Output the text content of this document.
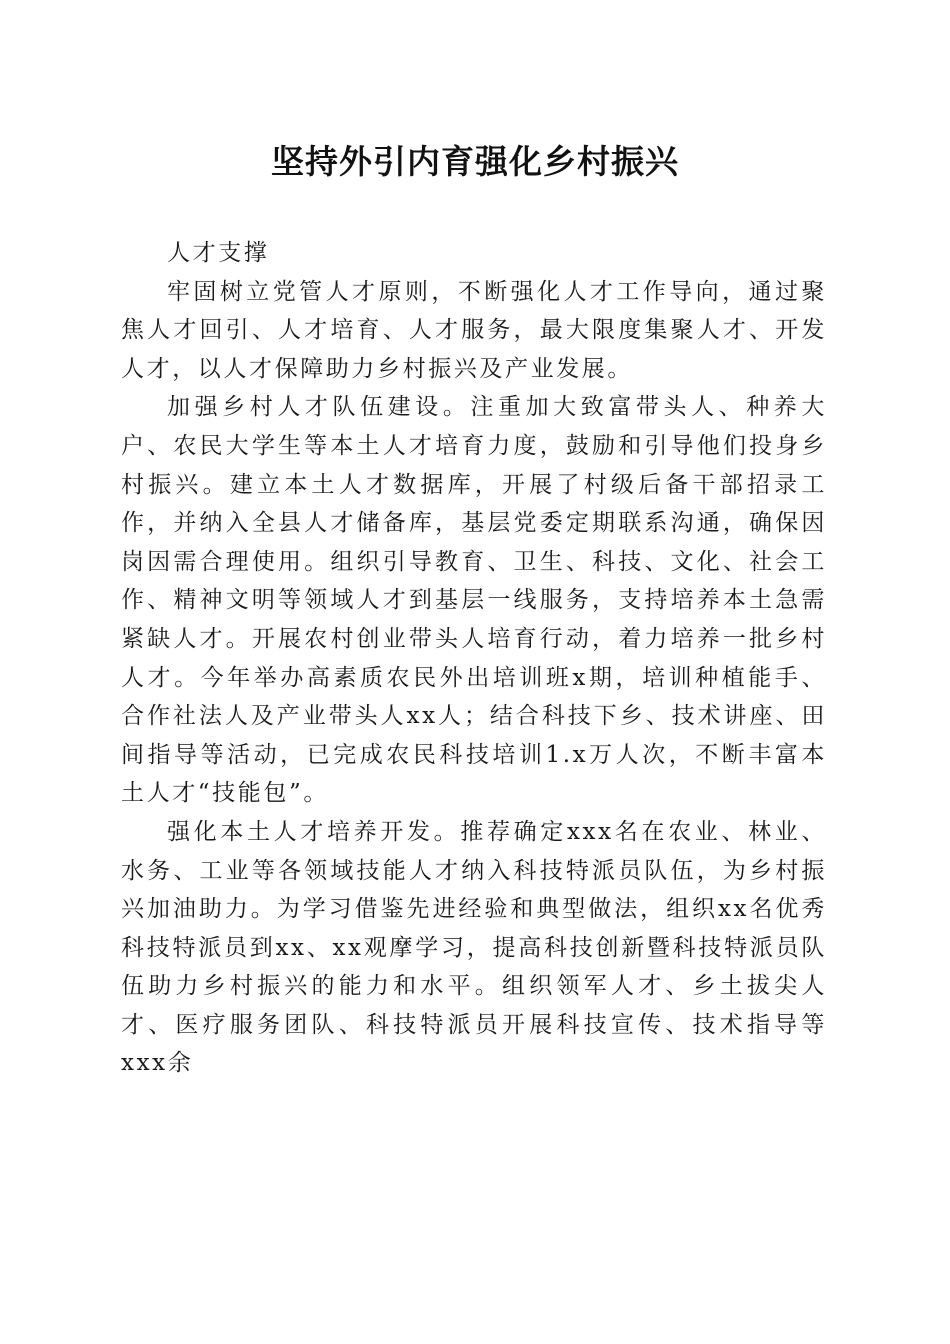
坚持外引内育强化乡村振兴

人才支撑

牢固树立党管人才原则，不断强化人才工作导向，通过聚焦人才回引、人才培育、人才服务，最大限度集聚人才、开发人才，以人才保障助力乡村振兴及产业发展。

加强乡村人才队伍建设。注重加大致富带头人、种养大户、农民大学生等本土人才培育力度，鼓励和引导他们投身乡村振兴。建立本土人才数据库，开展了村级后备干部招录工作，并纳入全县人才储备库，基层党委定期联系沟通，确保因岗因需合理使用。组织引导教育、卫生、科技、文化、社会工作、精神文明等领域人才到基层一线服务，支持培养本土急需紧缺人才。开展农村创业带头人培育行动，着力培养一批乡村人才。今年举办高素质农民外出培训班x期，培训种植能手、合作社法人及产业带头人xx人；结合科技下乡、技术讲座、田间指导等活动，已完成农民科技培训1.x万人次，不断丰富本土人才“技能包”。

强化本土人才培养开发。推荐确定xxx名在农业、林业、水务、工业等各领域技能人才纳入科技特派员队伍，为乡村振兴加油助力。为学习借鉴先进经验和典型做法，组织xx名优秀科技特派员到xx、xx观摩学习，提高科技创新暨科技特派员队伍助力乡村振兴的能力和水平。组织领军人才、乡土拔尖人才、医疗服务团队、科技特派员开展科技宣传、技术指导等xxx余
